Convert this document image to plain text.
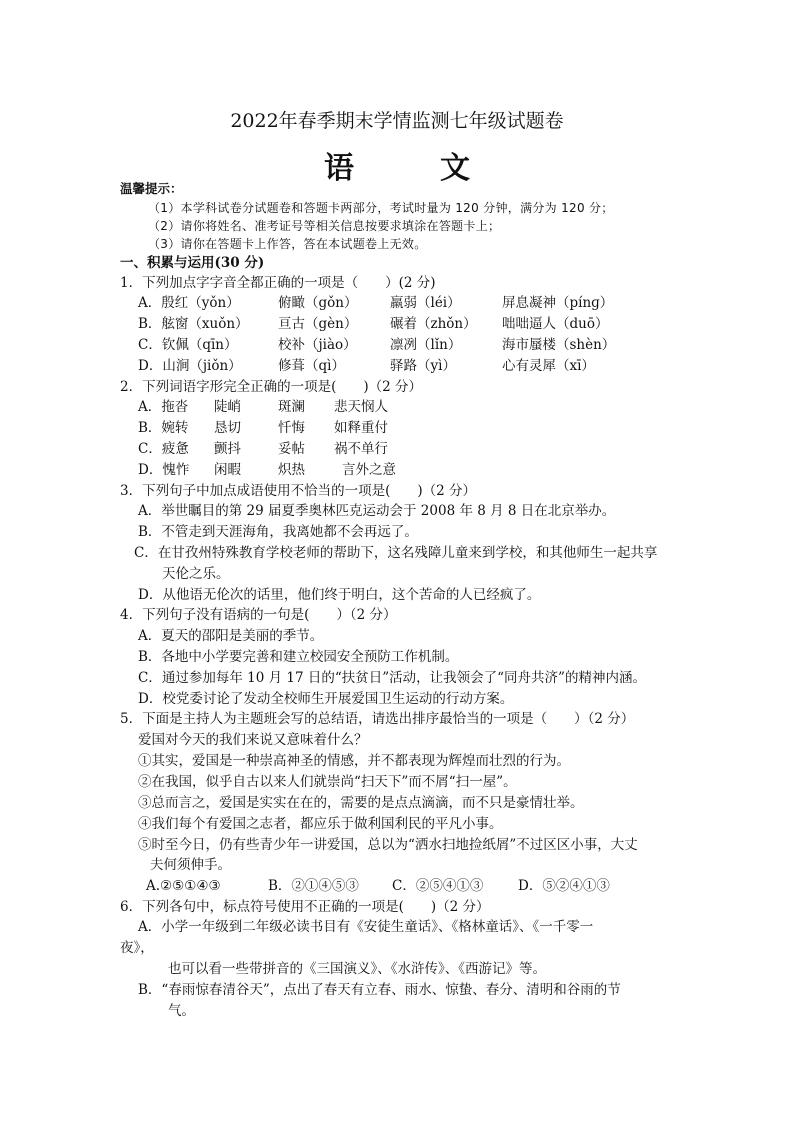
2022年春季期末学情监测七年级试题卷
语　文
温馨提示：
（1）本学科试卷分试题卷和答题卡两部分，考试时量为 120 分钟，满分为 120 分；
（2）请你将姓名、准考证号等相关信息按要求填涂在答题卡上；
（3）请你在答题卡上作答，答在本试题卷上无效。
一、积累与运用(30 分)
1．下列加点字字音全都正确的一项是（　　）(2 分)
A．殷红（yǒn）	俯瞰（gǒn） 羸弱（léi）	屏息凝神（pínɡ）
B．舷窗（xuǒn） 亘古（gèn） 碾着（zhǒn） 咄咄逼人（duō）
C．钦佩（qīn）	校补（jiào） 凛冽（lǐn）	海市蜃楼（shèn）
D．山涧（jiǒn）	修葺（qì）	驿路（yì）	心有灵犀（xī）
2．下列词语字形完全正确的一项是(　　)（2 分）
A．拖沓 陡峭	斑澜 悲天悯人
B．婉转 恳切	忏悔 如释重付
C．疲惫 颤抖	妥帖 祸不单行
D．愧怍 闲暇	炽热	言外之意
3．下列句子中加点成语使用不恰当的一项是(　　)（2 分）
A．举世瞩目的第 29 届夏季奥林匹克运动会于 2008 年 8 月 8 日在北京举办。
B．不管走到天涯海角，我离她都不会再远了。
C．在甘孜州特殊教育学校老师的帮助下，这名残障儿童来到学校，和其他师生一起共享
天伦之乐。
D．从他语无伦次的话里，他们终于明白，这个苦命的人已经疯了。
4．下列句子没有语病的一句是(　　）（2 分）
A．夏天的邵阳是美丽的季节。
B．各地中小学要完善和建立校园安全预防工作机制。
C．通过参加每年 10 月 17 日的“扶贫日”活动，让我领会了“同舟共济”的精神内涵。
D．校党委讨论了发动全校师生开展爱国卫生运动的行动方案。
5．下面是主持人为主题班会写的总结语，请选出排序最恰当的一项是（　　）（2 分）
爱国对今天的我们来说又意味着什么？
①其实，爱国是一种崇高神圣的情感，并不都表现为辉煌而壮烈的行为。
②在我国，似乎自古以来人们就崇尚“扫天下”而不屑“扫一屋”。
③总而言之，爱国是实实在在的，需要的是点点滴滴，而不只是豪情壮举。
④我们每个有爱国之志者，都应乐于做利国利民的平凡小事。
⑤时至今日，仍有些青少年一讲爱国，总以为“洒水扫地捡纸屑”不过区区小事，大丈
夫何须伸手。
A.②⑤①④③	B．②①④⑤③ C．②⑤④①③	D．⑤②④①③
6．下列各句中，标点符号使用不正确的一项是(　　)（2 分）
A．小学一年级到二年级必读书目有《安徒生童话》、《格林童话》、《一千零一
夜》，
也可以看一些带拼音的《三国演义》、《水浒传》、《西游记》等。
B．“春雨惊春清谷天”，点出了春天有立春、雨水、惊蛰、春分、清明和谷雨的节
气。
